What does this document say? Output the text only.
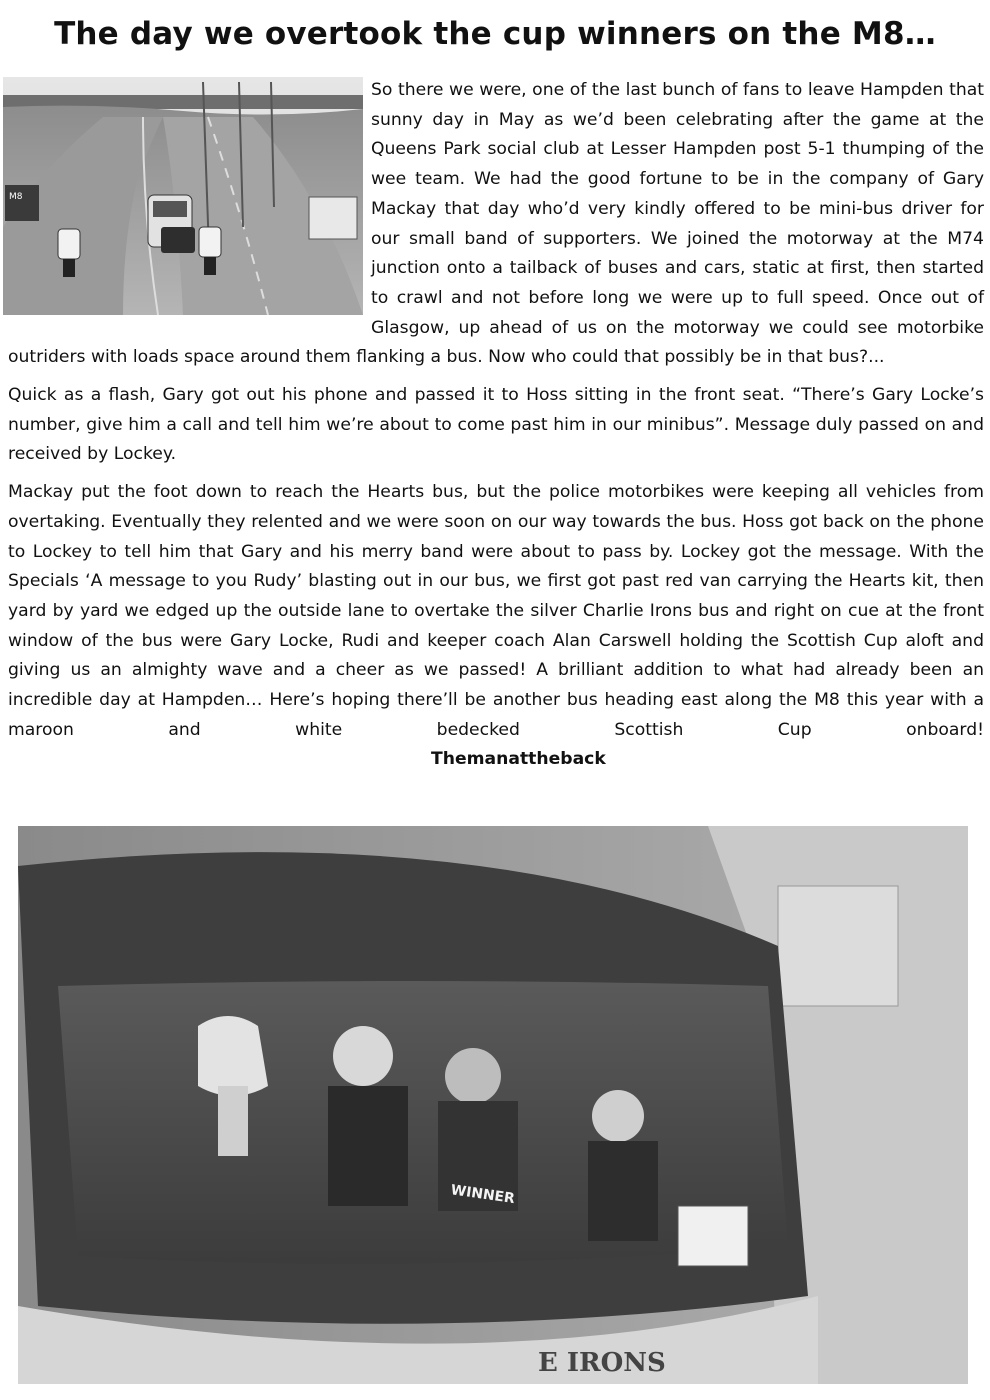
The day we overtook the cup winners on the M8…
M8

So there we were, one of the last bunch of fans to leave Hampden that sunny day in May as we’d been celebrating after the game at the Queens Park social club at Lesser Hampden post 5-1 thumping of the wee team. We had the good fortune to be in the company of Gary Mackay that day who’d very kindly offered to be mini-bus driver for our small band of supporters. We joined the motorway at the M74 junction onto a tailback of buses and cars, static at first, then started to crawl and not before long we were up to full speed. Once out of Glasgow, up ahead of us on the motorway we could see motorbike outriders with loads space around them flanking a bus. Now who could that possibly be in that bus?...

Quick as a flash, Gary got out his phone and passed it to Hoss sitting in the front seat. “There’s Gary Locke’s number, give him a call and tell him we’re about to come past him in our minibus”. Message duly passed on and received by Lockey.

Mackay put the foot down to reach the Hearts bus, but the police motorbikes were keeping all vehicles from overtaking. Eventually they relented and we were soon on our way towards the bus. Hoss got back on the phone to Lockey to tell him that Gary and his merry band were about to pass by. Lockey got the message. With the Specials ‘A message to you Rudy’ blasting out in our bus, we first got past red van carrying the Hearts kit, then yard by yard we edged up the outside lane to overtake the silver Charlie Irons bus and right on cue at the front window of the bus were Gary Locke, Rudi and keeper coach Alan Carswell holding the Scottish Cup aloft and giving us an almighty wave and a cheer as we passed! A brilliant addition to what had already been an incredible day at Hampden… Here’s hoping there’ll be another bus heading east along the M8 this year with a maroon and white bedecked Scottish Cup onboard! Themanattheback

WINNER
E IRONS
